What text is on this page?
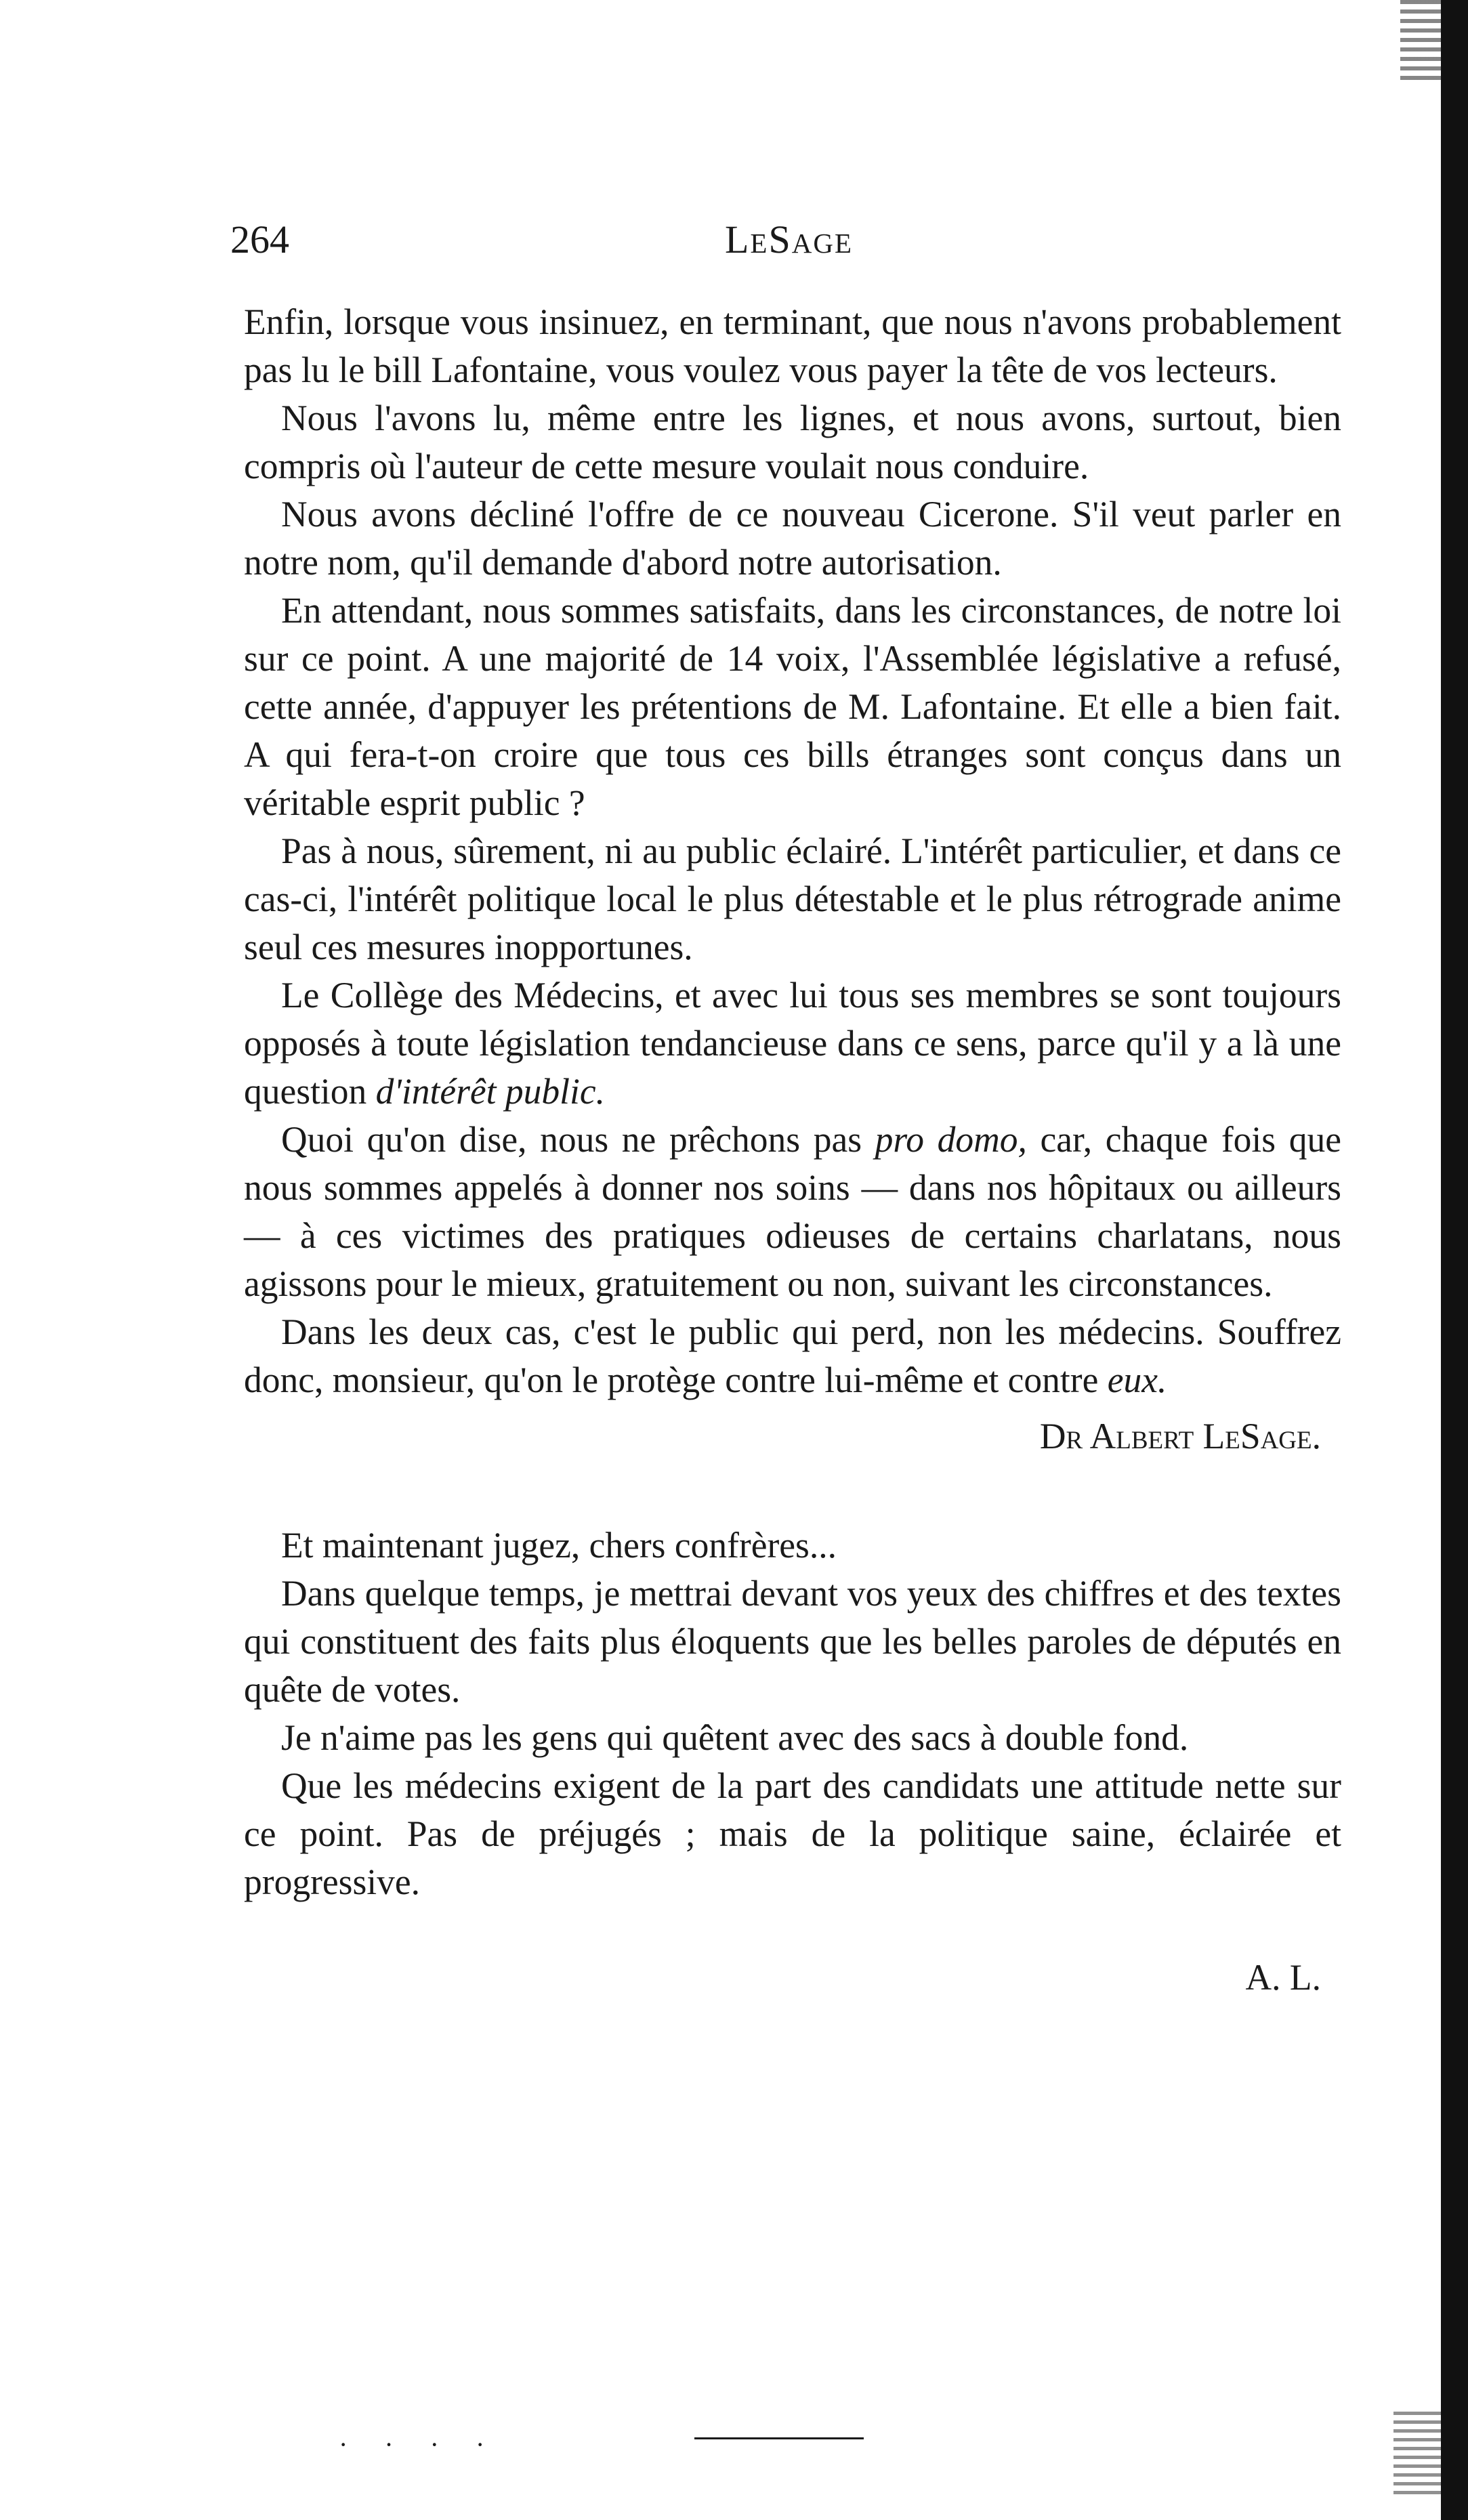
264	LeSage

Enfin, lorsque vous insinuez, en terminant, que nous n'avons probablement pas lu le bill Lafontaine, vous voulez vous payer la tête de vos lecteurs.

Nous l'avons lu, même entre les lignes, et nous avons, surtout, bien compris où l'auteur de cette mesure voulait nous conduire.

Nous avons décliné l'offre de ce nouveau Cicerone. S'il veut parler en notre nom, qu'il demande d'abord notre autorisation.

En attendant, nous sommes satisfaits, dans les circonstances, de notre loi sur ce point. A une majorité de 14 voix, l'Assemblée législative a refusé, cette année, d'appuyer les prétentions de M. Lafontaine. Et elle a bien fait. A qui fera-t-on croire que tous ces bills étranges sont conçus dans un véritable esprit public ?

Pas à nous, sûrement, ni au public éclairé. L'intérêt particulier, et dans ce cas-ci, l'intérêt politique local le plus détestable et le plus rétrograde anime seul ces mesures inopportunes.

Le Collège des Médecins, et avec lui tous ses membres se sont toujours opposés à toute législation tendancieuse dans ce sens, parce qu'il y a là une question d'intérêt public.

Quoi qu'on dise, nous ne prêchons pas pro domo, car, chaque fois que nous sommes appelés à donner nos soins — dans nos hôpitaux ou ailleurs — à ces victimes des pratiques odieuses de certains charlatans, nous agissons pour le mieux, gratuitement ou non, suivant les circonstances.

Dans les deux cas, c'est le public qui perd, non les médecins. Souffrez donc, monsieur, qu'on le protège contre lui-même et contre eux.

Dr Albert LeSage.

Et maintenant jugez, chers confrères...

Dans quelque temps, je mettrai devant vos yeux des chiffres et des textes qui constituent des faits plus éloquents que les belles paroles de députés en quête de votes.

Je n'aime pas les gens qui quêtent avec des sacs à double fond.

Que les médecins exigent de la part des candidats une attitude nette sur ce point. Pas de préjugés ; mais de la politique saine, éclairée et progressive.

A. L.
· · · ·
